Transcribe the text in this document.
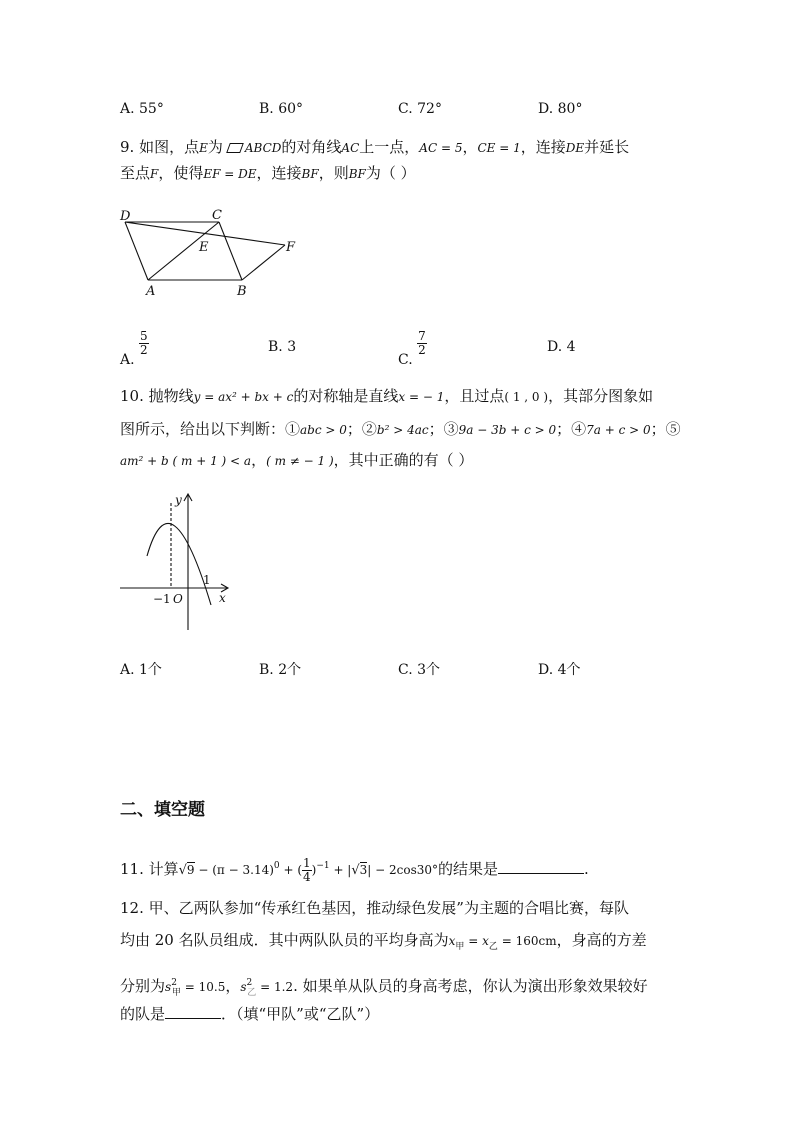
A. 55°	B. 60°	C. 72°	D. 80°
9. 如图，点E为 ABCD的对角线AC上一点，AC = 5，CE = 1，连接DE并延长
至点F，使得EF = DE，连接BF，则BF为（ ）
D	C
E	F
A	B
A.
$\frac{5}{2}$	B. 3
C.
$\frac{7}{2}$	D. 4
10. 抛物线y = ax² + bx + c的对称轴是直线x = − 1，且过点( 1 , 0 )，其部分图象如
图所示，给出以下判断：①abc > 0；②b² > 4ac；③9a − 3b + c > 0；④7a + c > 0；⑤
am² + b ( m + 1 ) < a，( m ≠ − 1 )，其中正确的有（ ）
y
x
O
−1
1
A. 1个	B. 2个	C. 3个	D. 4个
二、填空题
11. 计算$√9 - (\pi - 3.14)^0$ + ( $\frac{1}{4} )^{-1} + |√3| - 2\cos 30^\circ$的结果是	.
12. 甲、乙两队参加“传承红色基因，推动绿色发展”为主题的合唱比赛，每队
均由 20 名队员组成．其中两队队员的平均身高为$x_甲 = x_乙 = 160cm$，身高的方差
分别为$s^2_甲 = 10.5$，$s^2_乙 = 1.2$. 如果单从队员的身高考虑，你认为演出形象效果较好
的队是	．（填“甲队”或“乙队”）
